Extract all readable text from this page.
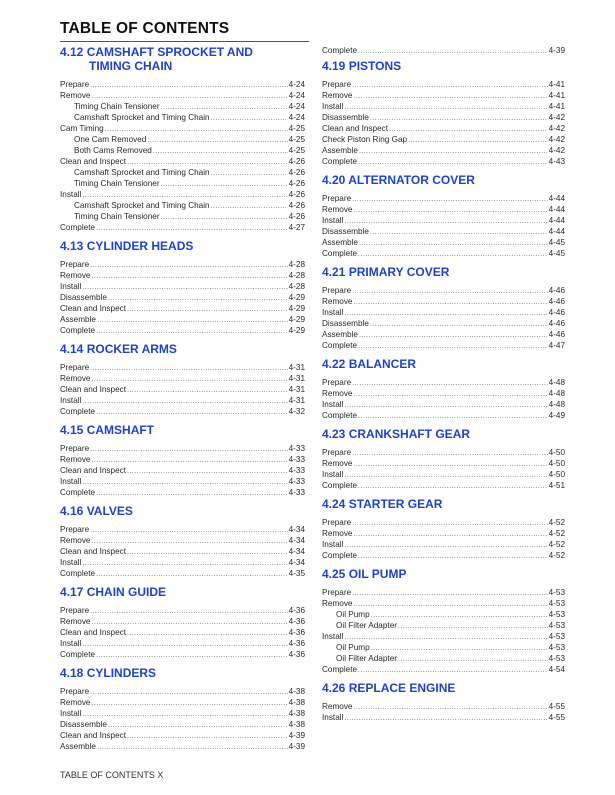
TABLE OF CONTENTS
4.12 CAMSHAFT SPROCKET AND
TIMING CHAIN
Prepare .....	4-24
Remove .....	4-24
Timing Chain Tensioner .....	4-24
Camshaft Sprocket and Timing Chain .....	4-24
Cam Timing .....	4-25
One Cam Removed .....	4-25
Both Cams Removed .....	4-25
Clean and Inspect .....	4-26
Camshaft Sprocket and Timing Chain .....	4-26
Timing Chain Tensioner .....	4-26
Install .....	4-26
Camshaft Sprocket and Timing Chain .....	4-26
Timing Chain Tensioner .....	4-26
Complete .....	4-27
4.13 CYLINDER HEADS
Prepare .....	4-28
Remove .....	4-28
Install .....	4-28
Disassemble .....	4-29
Clean and Inspect .....	4-29
Assemble .....	4-29
Complete .....	4-29
4.14 ROCKER ARMS
Prepare .....	4-31
Remove .....	4-31
Clean and Inspect .....	4-31
Install .....	4-31
Complete .....	4-32
4.15 CAMSHAFT
Prepare .....	4-33
Remove .....	4-33
Clean and Inspect .....	4-33
Install .....	4-33
Complete .....	4-33
4.16 VALVES
Prepare .....	4-34
Remove .....	4-34
Clean and Inspect .....	4-34
Install .....	4-34
Complete .....	4-35
4.17 CHAIN GUIDE
Prepare .....	4-36
Remove .....	4-36
Clean and Inspect .....	4-36
Install .....	4-36
Complete .....	4-36
4.18 CYLINDERS
Prepare .....	4-38
Remove .....	4-38
Install .....	4-38
Disassemble .....	4-38
Clean and Inspect .....	4-39
Assemble .....	4-39
Complete .....	4-39
4.19 PISTONS
Prepare .....	4-41
Remove .....	4-41
Install .....	4-41
Disassemble .....	4-42
Clean and Inspect .....	4-42
Check Piston Ring Gap .....	4-42
Assemble .....	4-42
Complete .....	4-43
4.20 ALTERNATOR COVER
Prepare .....	4-44
Remove .....	4-44
Install .....	4-44
Disassemble .....	4-44
Assemble .....	4-45
Complete .....	4-45
4.21 PRIMARY COVER
Prepare .....	4-46
Remove .....	4-46
Install .....	4-46
Disassemble .....	4-46
Assemble .....	4-46
Complete .....	4-47
4.22 BALANCER
Prepare .....	4-48
Remove .....	4-48
Install .....	4-48
Complete .....	4-49
4.23 CRANKSHAFT GEAR
Prepare .....	4-50
Remove .....	4-50
Install .....	4-50
Complete .....	4-51
4.24 STARTER GEAR
Prepare .....	4-52
Remove .....	4-52
Install .....	4-52
Complete .....	4-52
4.25 OIL PUMP
Prepare .....	4-53
Remove .....	4-53
Oil Pump .....	4-53
Oil Filter Adapter .....	4-53
Install .....	4-53
Oil Pump .....	4-53
Oil Filter Adapter .....	4-53
Complete .....	4-54
4.26 REPLACE ENGINE
Remove .....	4-55
Install .....	4-55
TABLE OF CONTENTS X
